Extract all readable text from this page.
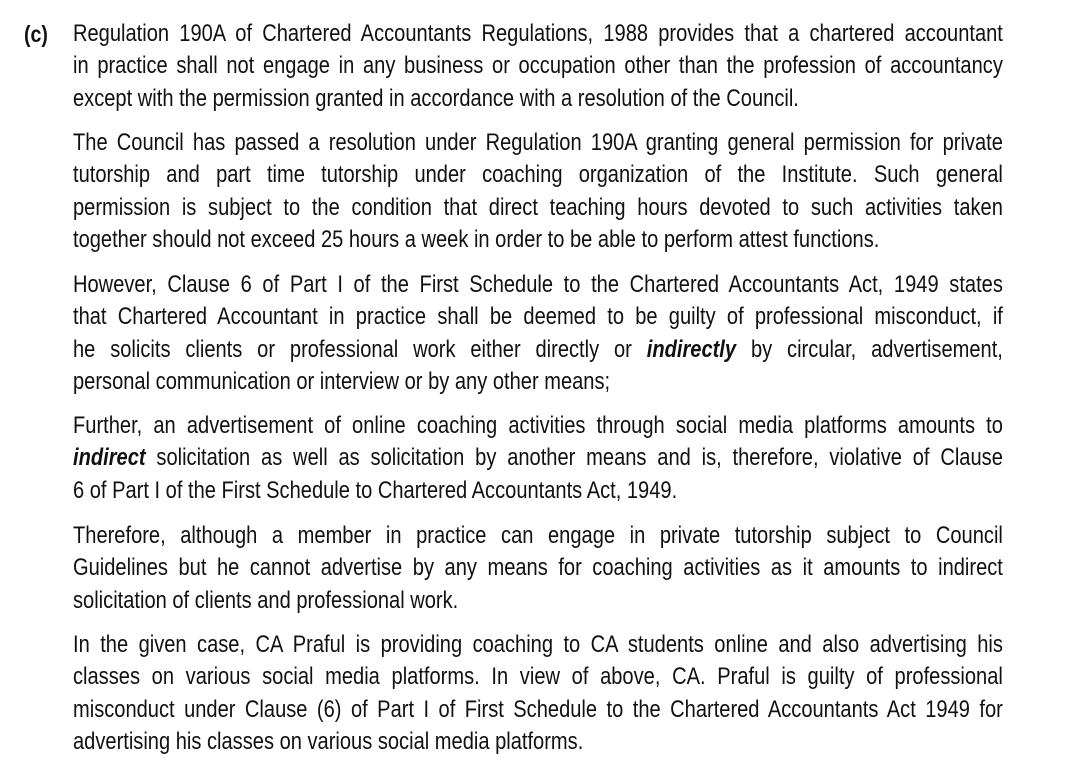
(c) Regulation 190A of Chartered Accountants Regulations, 1988 provides that a chartered accountant
in practice shall not engage in any business or occupation other than the profession of accountancy
except with the permission granted in accordance with a resolution of the Council.
The Council has passed a resolution under Regulation 190A granting general permission for private
tutorship and part time tutorship under coaching organization of the Institute. Such general
permission is subject to the condition that direct teaching hours devoted to such activities taken
together should not exceed 25 hours a week in order to be able to perform attest functions.
However, Clause 6 of Part I of the First Schedule to the Chartered Accountants Act, 1949 states
that Chartered Accountant in practice shall be deemed to be guilty of professional misconduct, if
he solicits clients or professional work either directly or indirectly by circular, advertisement,
personal communication or interview or by any other means;
Further, an advertisement of online coaching activities through social media platforms amounts to
indirect solicitation as well as solicitation by another means and is, therefore, violative of Clause
6 of Part I of the First Schedule to Chartered Accountants Act, 1949.
Therefore, although a member in practice can engage in private tutorship subject to Council
Guidelines but he cannot advertise by any means for coaching activities as it amounts to indirect
solicitation of clients and professional work.
In the given case, CA Praful is providing coaching to CA students online and also advertising his
classes on various social media platforms. In view of above, CA. Praful is guilty of professional
misconduct under Clause (6) of Part I of First Schedule to the Chartered Accountants Act 1949 for
advertising his classes on various social media platforms.
